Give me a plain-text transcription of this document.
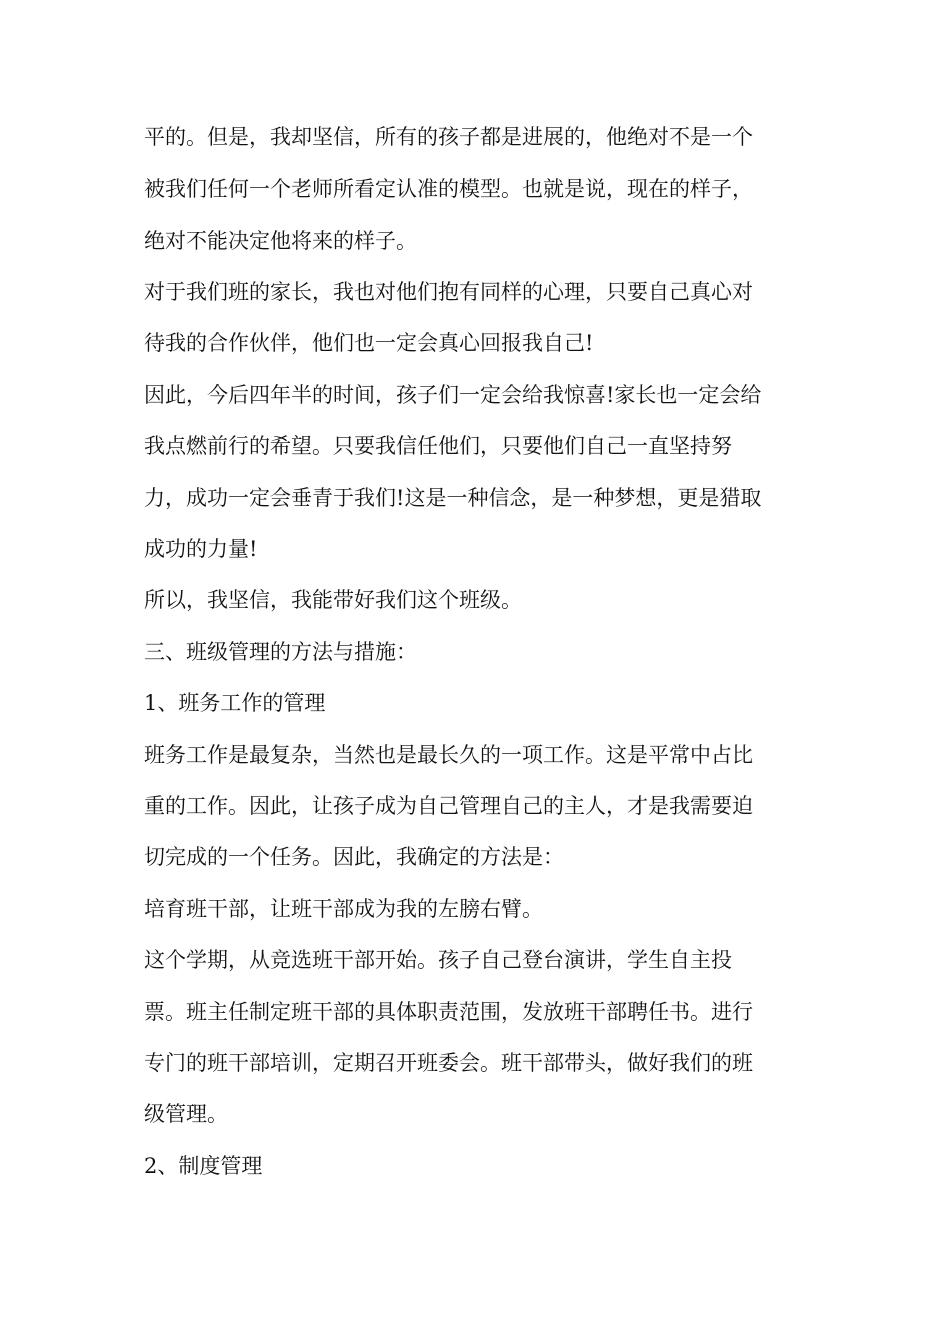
平的。但是，我却坚信，所有的孩子都是进展的，他绝对不是一个
被我们任何一个老师所看定认准的模型。也就是说，现在的样子，
绝对不能决定他将来的样子。
对于我们班的家长，我也对他们抱有同样的心理，只要自己真心对
待我的合作伙伴，他们也一定会真心回报我自己!
因此，今后四年半的时间，孩子们一定会给我惊喜!家长也一定会给
我点燃前行的希望。只要我信任他们，只要他们自己一直坚持努
力，成功一定会垂青于我们!这是一种信念，是一种梦想，更是猎取
成功的力量!
所以，我坚信，我能带好我们这个班级。
三、班级管理的方法与措施：
1、班务工作的管理
班务工作是最复杂，当然也是最长久的一项工作。这是平常中占比
重的工作。因此，让孩子成为自己管理自己的主人，才是我需要迫
切完成的一个任务。因此，我确定的方法是：
培育班干部，让班干部成为我的左膀右臂。
这个学期，从竞选班干部开始。孩子自己登台演讲，学生自主投
票。班主任制定班干部的具体职责范围，发放班干部聘任书。进行
专门的班干部培训，定期召开班委会。班干部带头，做好我们的班
级管理。
2、制度管理
